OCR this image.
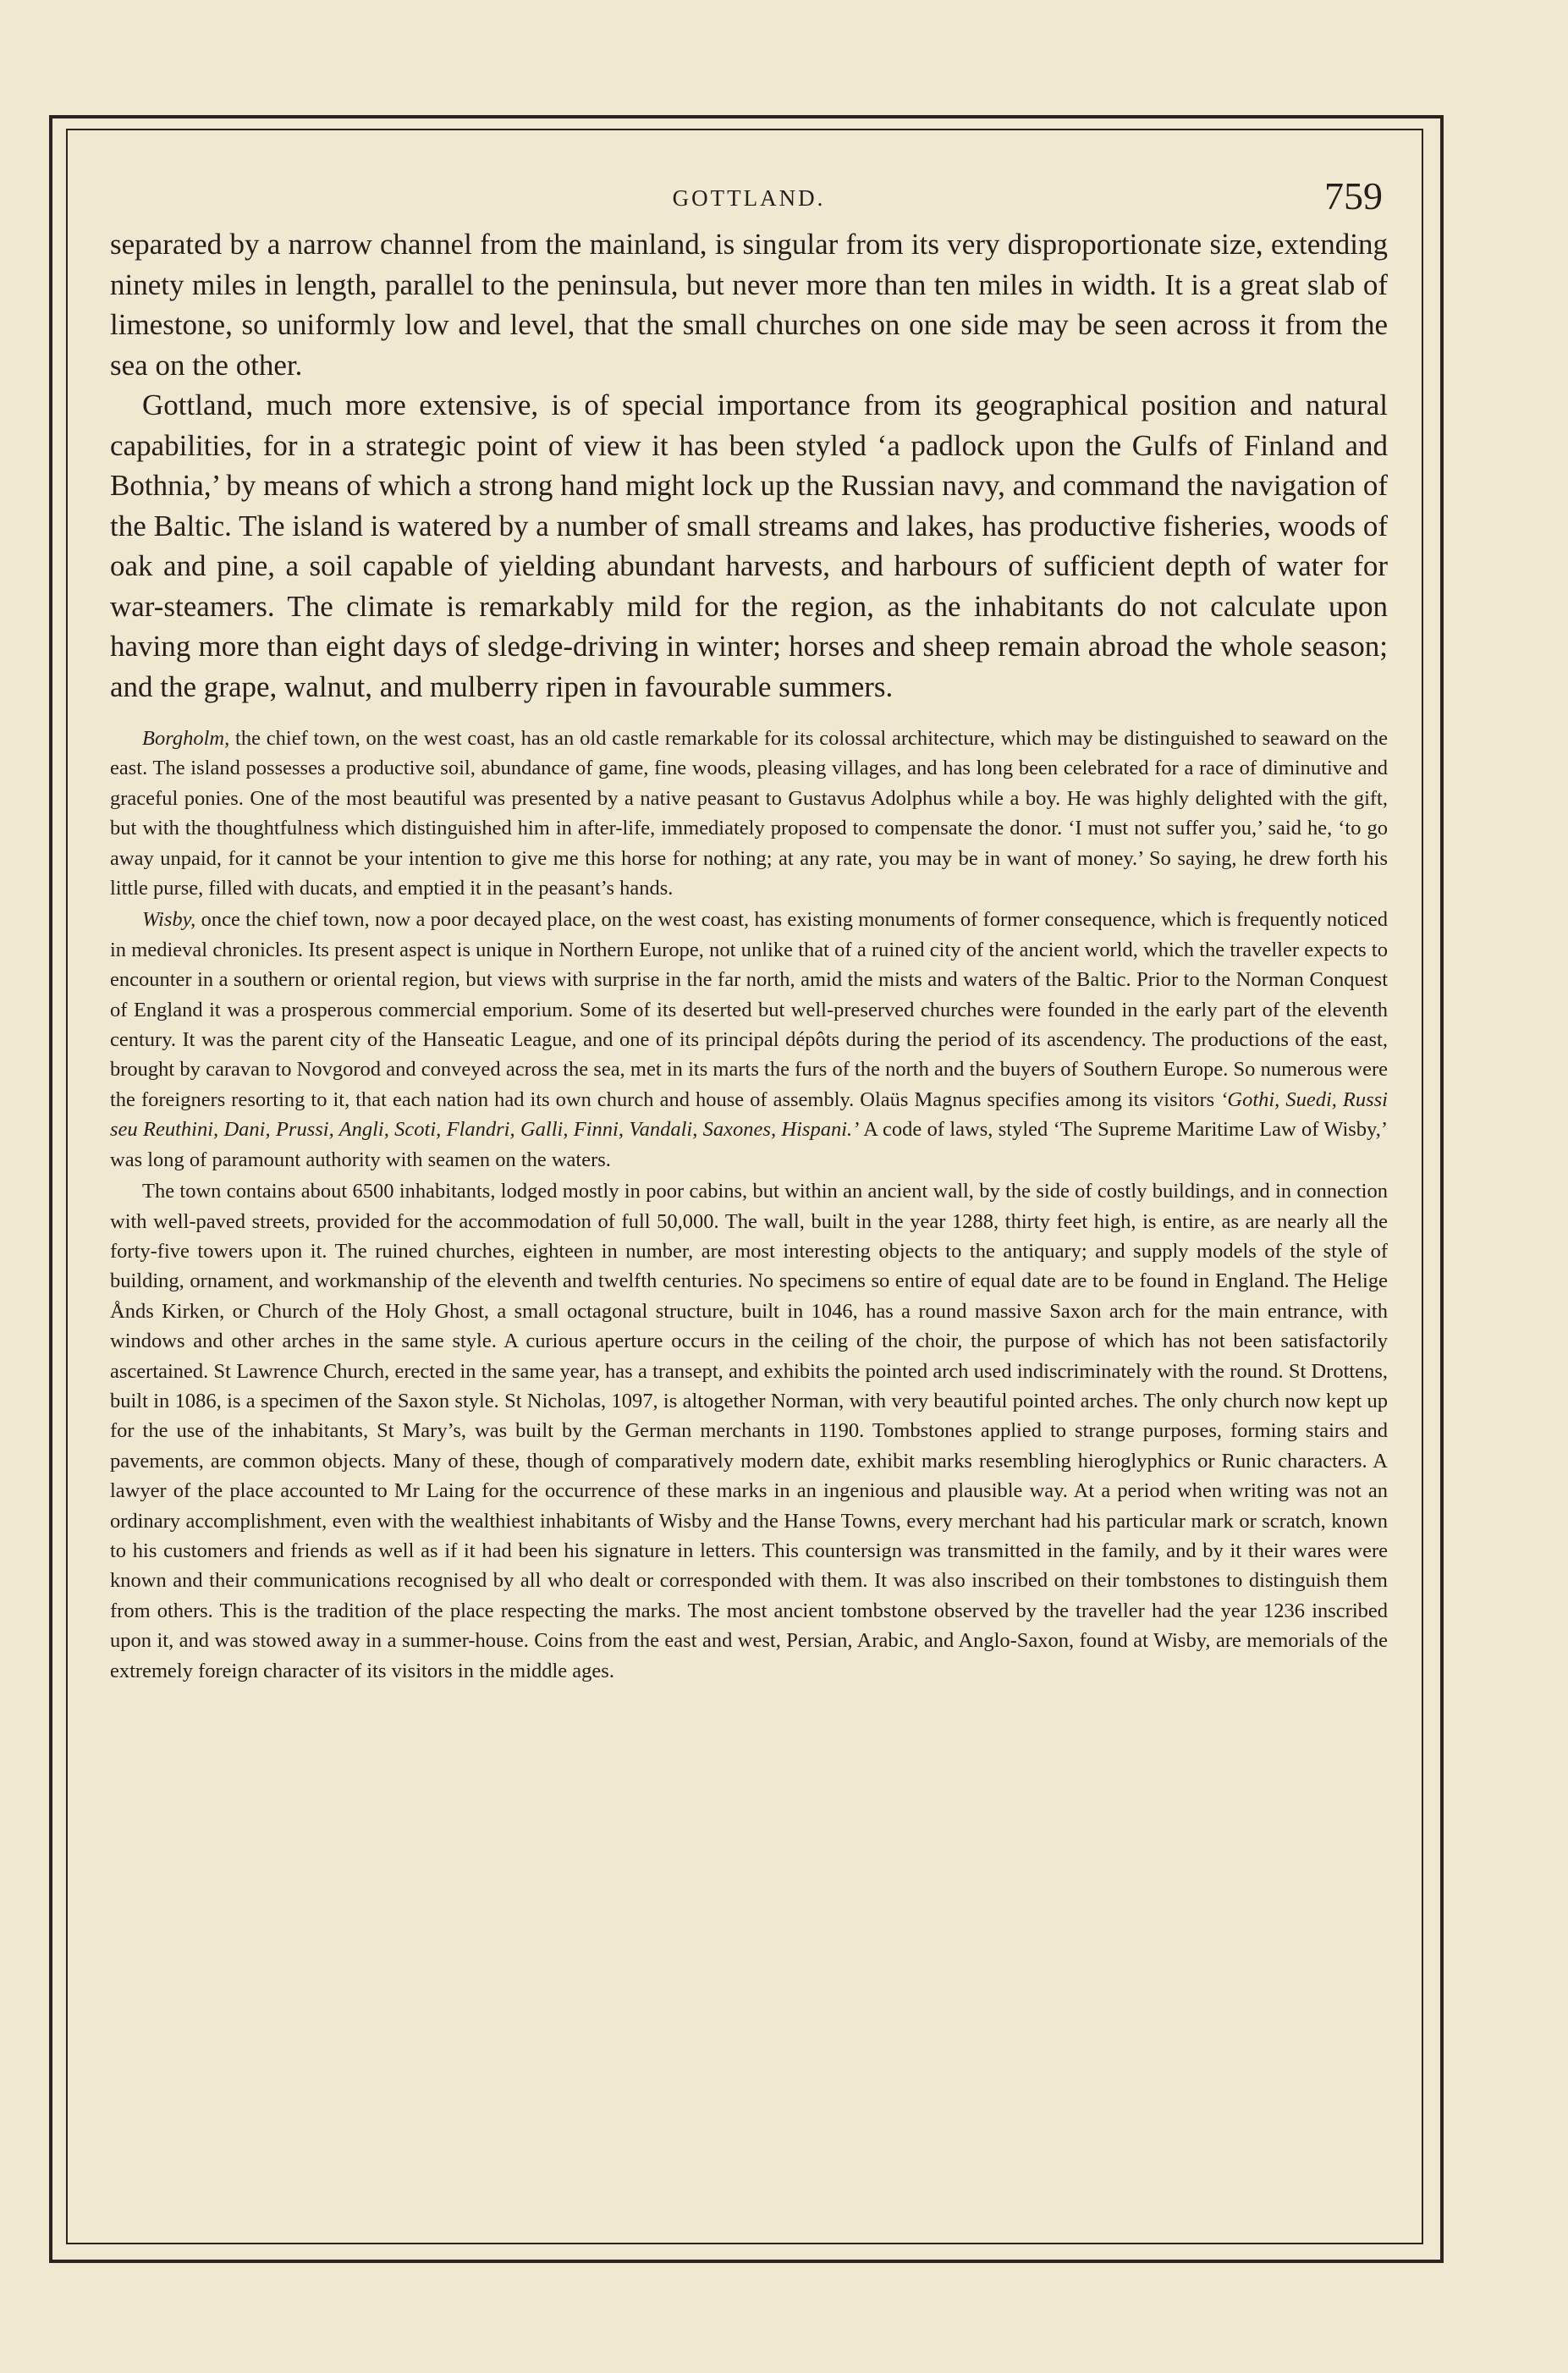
GOTTLAND.	759

separated by a narrow channel from the mainland, is singular from its very disproportionate size, extending ninety miles in length, parallel to the peninsula, but never more than ten miles in width. It is a great slab of limestone, so uniformly low and level, that the small churches on one side may be seen across it from the sea on the other.

Gottland, much more extensive, is of special importance from its geographical position and natural capabilities, for in a strategic point of view it has been styled ‘a padlock upon the Gulfs of Finland and Bothnia,’ by means of which a strong hand might lock up the Russian navy, and command the navigation of the Baltic. The island is watered by a number of small streams and lakes, has productive fisheries, woods of oak and pine, a soil capable of yielding abundant harvests, and harbours of sufficient depth of water for war-steamers. The climate is remarkably mild for the region, as the inhabitants do not calculate upon having more than eight days of sledge-driving in winter; horses and sheep remain abroad the whole season; and the grape, walnut, and mulberry ripen in favourable summers.

Borgholm, the chief town, on the west coast, has an old castle remarkable for its colossal architecture, which may be distinguished to seaward on the east. The island possesses a productive soil, abundance of game, fine woods, pleasing villages, and has long been celebrated for a race of diminutive and graceful ponies. One of the most beautiful was presented by a native peasant to Gustavus Adolphus while a boy. He was highly delighted with the gift, but with the thoughtfulness which distinguished him in after-life, immediately proposed to compensate the donor. ‘I must not suffer you,’ said he, ‘to go away unpaid, for it cannot be your intention to give me this horse for nothing; at any rate, you may be in want of money.’ So saying, he drew forth his little purse, filled with ducats, and emptied it in the peasant’s hands.

Wisby, once the chief town, now a poor decayed place, on the west coast, has existing monuments of former consequence, which is frequently noticed in medieval chronicles. Its present aspect is unique in Northern Europe, not unlike that of a ruined city of the ancient world, which the traveller expects to encounter in a southern or oriental region, but views with surprise in the far north, amid the mists and waters of the Baltic. Prior to the Norman Conquest of England it was a prosperous commercial emporium. Some of its deserted but well-preserved churches were founded in the early part of the eleventh century. It was the parent city of the Hanseatic League, and one of its principal dépôts during the period of its ascendency. The productions of the east, brought by caravan to Novgorod and conveyed across the sea, met in its marts the furs of the north and the buyers of Southern Europe. So numerous were the foreigners resorting to it, that each nation had its own church and house of assembly. Olaüs Magnus specifies among its visitors ‘Gothi, Suedi, Russi seu Reuthini, Dani, Prussi, Angli, Scoti, Flandri, Galli, Finni, Vandali, Saxones, Hispani.’ A code of laws, styled ‘The Supreme Maritime Law of Wisby,’ was long of paramount authority with seamen on the waters.

The town contains about 6500 inhabitants, lodged mostly in poor cabins, but within an ancient wall, by the side of costly buildings, and in connection with well-paved streets, provided for the accommodation of full 50,000. The wall, built in the year 1288, thirty feet high, is entire, as are nearly all the forty-five towers upon it. The ruined churches, eighteen in number, are most interesting objects to the antiquary; and supply models of the style of building, ornament, and workmanship of the eleventh and twelfth centuries. No specimens so entire of equal date are to be found in England. The Helige Ånds Kirken, or Church of the Holy Ghost, a small octagonal structure, built in 1046, has a round massive Saxon arch for the main entrance, with windows and other arches in the same style. A curious aperture occurs in the ceiling of the choir, the purpose of which has not been satisfactorily ascertained. St Lawrence Church, erected in the same year, has a transept, and exhibits the pointed arch used indiscriminately with the round. St Drottens, built in 1086, is a specimen of the Saxon style. St Nicholas, 1097, is altogether Norman, with very beautiful pointed arches. The only church now kept up for the use of the inhabitants, St Mary’s, was built by the German merchants in 1190. Tombstones applied to strange purposes, forming stairs and pavements, are common objects. Many of these, though of comparatively modern date, exhibit marks resembling hieroglyphics or Runic characters. A lawyer of the place accounted to Mr Laing for the occurrence of these marks in an ingenious and plausible way. At a period when writing was not an ordinary accomplishment, even with the wealthiest inhabitants of Wisby and the Hanse Towns, every merchant had his particular mark or scratch, known to his customers and friends as well as if it had been his signature in letters. This countersign was transmitted in the family, and by it their wares were known and their communications recognised by all who dealt or corresponded with them. It was also inscribed on their tombstones to distinguish them from others. This is the tradition of the place respecting the marks. The most ancient tombstone observed by the traveller had the year 1236 inscribed upon it, and was stowed away in a summer-house. Coins from the east and west, Persian, Arabic, and Anglo-Saxon, found at Wisby, are memorials of the extremely foreign character of its visitors in the middle ages.
